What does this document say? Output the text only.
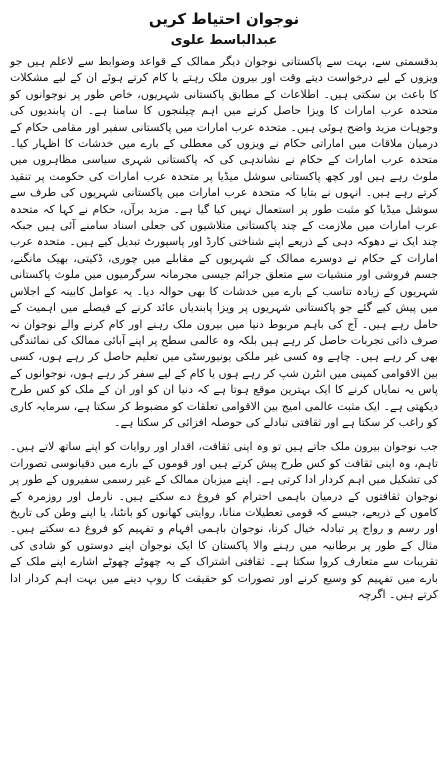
نوجوان احتیاط کریں
عبدالباسط علوی

بدقسمتی سے، بہت سے پاکستانی نوجوان دیگر ممالک کے قواعد وضوابط سے لاعلم ہیں جو ویزوں کے لیے درخواست دیتے وقت اور بیرون ملک رہتے یا کام کرتے ہوئے ان کے لیے مشکلات کا باعث بن سکتی ہیں۔ اطلاعات کے مطابق پاکستانی شہریوں، خاص طور پر نوجوانوں کو متحدہ عرب امارات کا ویزا حاصل کرنے میں اہم چیلنجوں کا سامنا ہے۔ ان پابندیوں کی وجوہات مزید واضح ہوئی ہیں۔ متحدہ عرب امارات میں پاکستانی سفیر اور مقامی حکام کے درمیان ملاقات میں اماراتی حکام نے ویزوں کی معطلی کے بارے میں خدشات کا اظہار کیا۔ متحدہ عرب امارات کے حکام نے نشاندہی کی کہ پاکستانی شہری سیاسی مظاہروں میں ملوث رہے ہیں اور کچھ پاکستانی سوشل میڈیا پر متحدہ عرب امارات کی حکومت پر تنقید کرتے رہے ہیں۔ انہوں نے بتایا کہ متحدہ عرب امارات میں پاکستانی شہریوں کی طرف سے سوشل میڈیا کو مثبت طور پر استعمال نہیں کیا گیا ہے۔ مزید برآں، حکام نے کہا کہ متحدہ عرب امارات میں ملازمت کے چند پاکستانی متلاشیوں کی جعلی اسناد سامنے آئی ہیں جبکہ چند ایک نے دھوکہ دہی کے ذریعے اپنے شناختی کارڈ اور پاسپورٹ تبدیل کیے ہیں۔ متحدہ عرب امارات کے حکام نے دوسرے ممالک کے شہریوں کے مقابلے میں چوری، ڈکیتی، بھیک مانگنے، جسم فروشی اور منشیات سے متعلق جرائم جیسی مجرمانہ سرگرمیوں میں ملوث پاکستانی شہریوں کے زیادہ تناسب کے بارے میں خدشات کا بھی حوالہ دیا۔ یہ عوامل کابینہ کے اجلاس میں پیش کیے گئے جو پاکستانی شہریوں پر ویزا پابندیاں عائد کرنے کے فیصلے میں اہمیت کے حامل رہے ہیں۔ آج کی باہم مربوط دنیا میں بیرون ملک رہنے اور کام کرنے والے نوجوان نہ صرف ذاتی تجربات حاصل کر رہے ہیں بلکہ وہ عالمی سطح پر اپنے آبائی ممالک کی نمائندگی بھی کر رہے ہیں۔ چاہے وہ کسی غیر ملکی یونیورسٹی میں تعلیم حاصل کر رہے ہوں، کسی بین الاقوامی کمپنی میں انٹرن شپ کر رہے ہوں یا کام کے لیے سفر کر رہے ہوں، نوجوانوں کے پاس یہ نمایاں کرنے کا ایک بہترین موقع ہوتا ہے کہ دنیا ان کو اور ان کے ملک کو کس طرح دیکھتی ہے۔ ایک مثبت عالمی امیج بین الاقوامی تعلقات کو مضبوط کر سکتا ہے، سرمایہ کاری کو راغب کر سکتا ہے اور ثقافتی تبادلے کی حوصلہ افزائی کر سکتا ہے۔

جب نوجوان بیرون ملک جاتے ہیں تو وہ اپنی ثقافت، اقدار اور روایات کو اپنے ساتھ لاتے ہیں۔ تاہم، وہ اپنی ثقافت کو کس طرح پیش کرتے ہیں اور قوموں کے بارے میں دقیانوسی تصورات کی تشکیل میں اہم کردار ادا کرتی ہے۔ اپنے میزبان ممالک کے غیر رسمی سفیروں کے طور پر نوجوان ثقافتوں کے درمیان باہمی احترام کو فروغ دے سکتے ہیں۔ نارمل اور روزمرہ کے کاموں کے ذریعے، جیسے کہ قومی تعطیلات منانا، روایتی کھانوں کو بانٹنا، یا اپنے وطن کی تاریخ اور رسم و رواج پر تبادلہ خیال کرنا، نوجوان باہمی افہام و تفہیم کو فروغ دے سکتے ہیں۔ مثال کے طور پر برطانیہ میں رہنے والا پاکستان کا ایک نوجوان اپنے دوستوں کو شادی کی تقریبات سے متعارف کروا سکتا ہے۔ ثقافتی اشتراک کے یہ چھوٹے چھوٹے اشارے اپنے ملک کے بارے میں تفہیم کو وسیع کرنے اور تصورات کو حقیقت کا روپ دینے میں بہت اہم کردار ادا کرتے ہیں۔ اگرچہ
